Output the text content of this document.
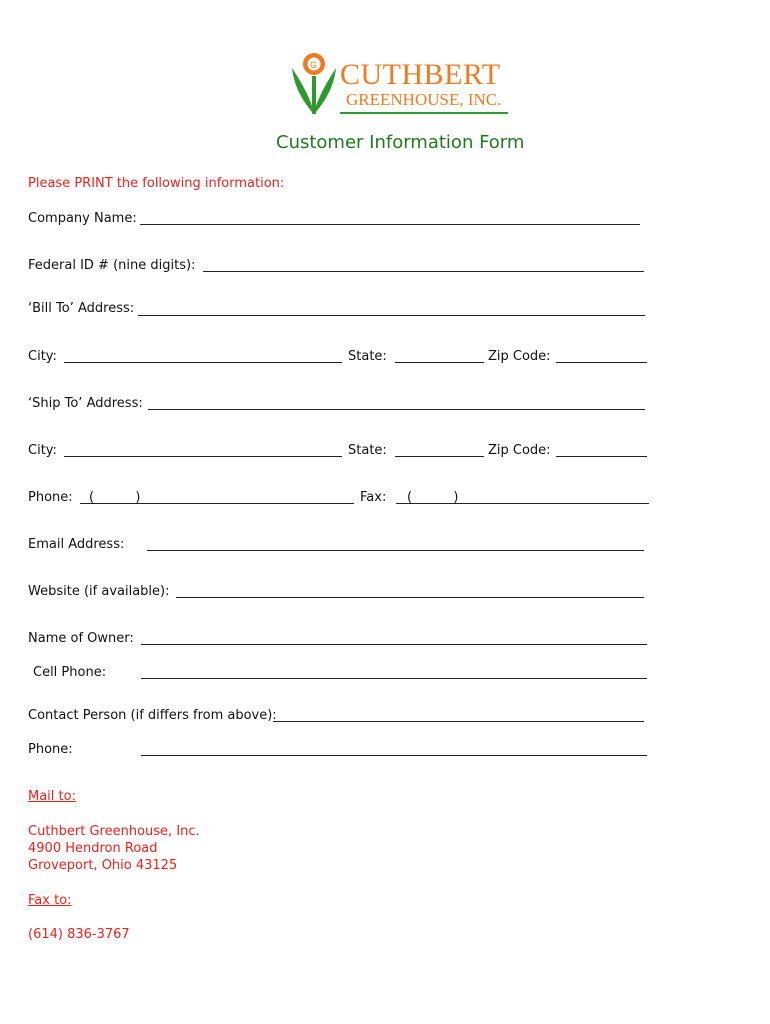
G CUTHBERT
GREENHOUSE, INC.
Customer Information Form
Please PRINT the following information:
Company Name:
Federal ID # (nine digits):
‘Bill To’ Address:
City:	State:	Zip Code:
‘Ship To’ Address:
City:	State:	Zip Code:
Phone: (          )	Fax: (          )
Email Address:
Website (if available):
Name of Owner:
Cell Phone:
Contact Person (if differs from above):
Phone:
Mail to:
Cuthbert Greenhouse, Inc.
4900 Hendron Road
Groveport, Ohio 43125
Fax to:
(614) 836-3767
